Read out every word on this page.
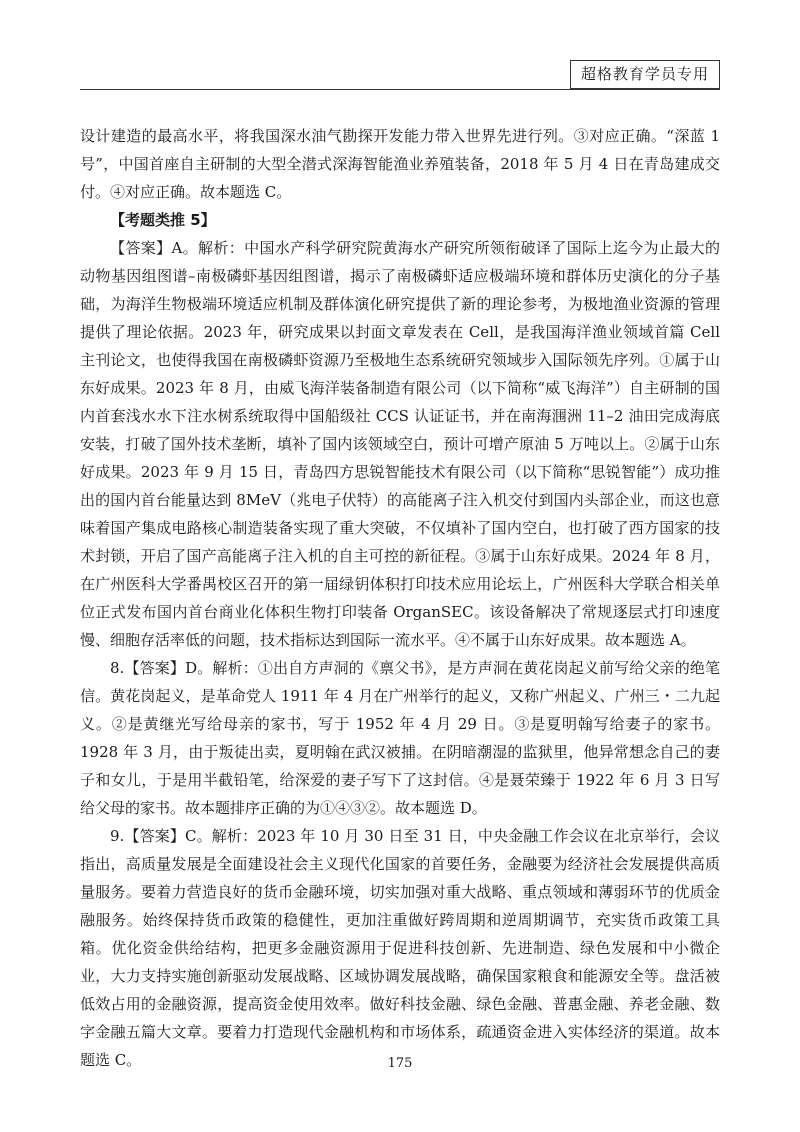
超格教育学员专用

设计建造的最高水平，将我国深水油气勘探开发能力带入世界先进行列。③对应正确。“深蓝 1 号”，中国首座自主研制的大型全潜式深海智能渔业养殖装备，2018 年 5 月 4 日在青岛建成交付。④对应正确。故本题选 C。

【考题类推 5】

【答案】A。解析：中国水产科学研究院黄海水产研究所领衔破译了国际上迄今为止最大的动物基因组图谱–南极磷虾基因组图谱，揭示了南极磷虾适应极端环境和群体历史演化的分子基础，为海洋生物极端环境适应机制及群体演化研究提供了新的理论参考，为极地渔业资源的管理提供了理论依据。2023 年，研究成果以封面文章发表在 Cell，是我国海洋渔业领域首篇 Cell 主刊论文，也使得我国在南极磷虾资源乃至极地生态系统研究领域步入国际领先序列。①属于山东好成果。2023 年 8 月，由威飞海洋装备制造有限公司（以下简称“威飞海洋”）自主研制的国内首套浅水水下注水树系统取得中国船级社 CCS 认证证书，并在南海涠洲 11–2 油田完成海底安装，打破了国外技术垄断，填补了国内该领域空白，预计可增产原油 5 万吨以上。②属于山东好成果。2023 年 9 月 15 日，青岛四方思锐智能技术有限公司（以下简称“思锐智能”）成功推出的国内首台能量达到 8MeV（兆电子伏特）的高能离子注入机交付到国内头部企业，而这也意味着国产集成电路核心制造装备实现了重大突破，不仅填补了国内空白，也打破了西方国家的技术封锁，开启了国产高能离子注入机的自主可控的新征程。③属于山东好成果。2024 年 8 月，在广州医科大学番禺校区召开的第一届绿钥体积打印技术应用论坛上，广州医科大学联合相关单位正式发布国内首台商业化体积生物打印装备 OrganSEC。该设备解决了常规逐层式打印速度慢、细胞存活率低的问题，技术指标达到国际一流水平。④不属于山东好成果。故本题选 A。

8.【答案】D。解析：①出自方声洞的《禀父书》，是方声洞在黄花岗起义前写给父亲的绝笔信。黄花岗起义，是革命党人 1911 年 4 月在广州举行的起义，又称广州起义、广州三・二九起义。②是黄继光写给母亲的家书，写于 1952 年 4 月 29 日。③是夏明翰写给妻子的家书。1928 年 3 月，由于叛徒出卖，夏明翰在武汉被捕。在阴暗潮湿的监狱里，他异常想念自己的妻子和女儿，于是用半截铅笔，给深爱的妻子写下了这封信。④是聂荣臻于 1922 年 6 月 3 日写给父母的家书。故本题排序正确的为①④③②。故本题选 D。

9.【答案】C。解析：2023 年 10 月 30 日至 31 日，中央金融工作会议在北京举行，会议指出，高质量发展是全面建设社会主义现代化国家的首要任务，金融要为经济社会发展提供高质量服务。要着力营造良好的货币金融环境，切实加强对重大战略、重点领域和薄弱环节的优质金融服务。始终保持货币政策的稳健性，更加注重做好跨周期和逆周期调节，充实货币政策工具箱。优化资金供给结构，把更多金融资源用于促进科技创新、先进制造、绿色发展和中小微企业，大力支持实施创新驱动发展战略、区域协调发展战略，确保国家粮食和能源安全等。盘活被低效占用的金融资源，提高资金使用效率。做好科技金融、绿色金融、普惠金融、养老金融、数字金融五篇大文章。要着力打造现代金融机构和市场体系，疏通资金进入实体经济的渠道。故本题选 C。	175
